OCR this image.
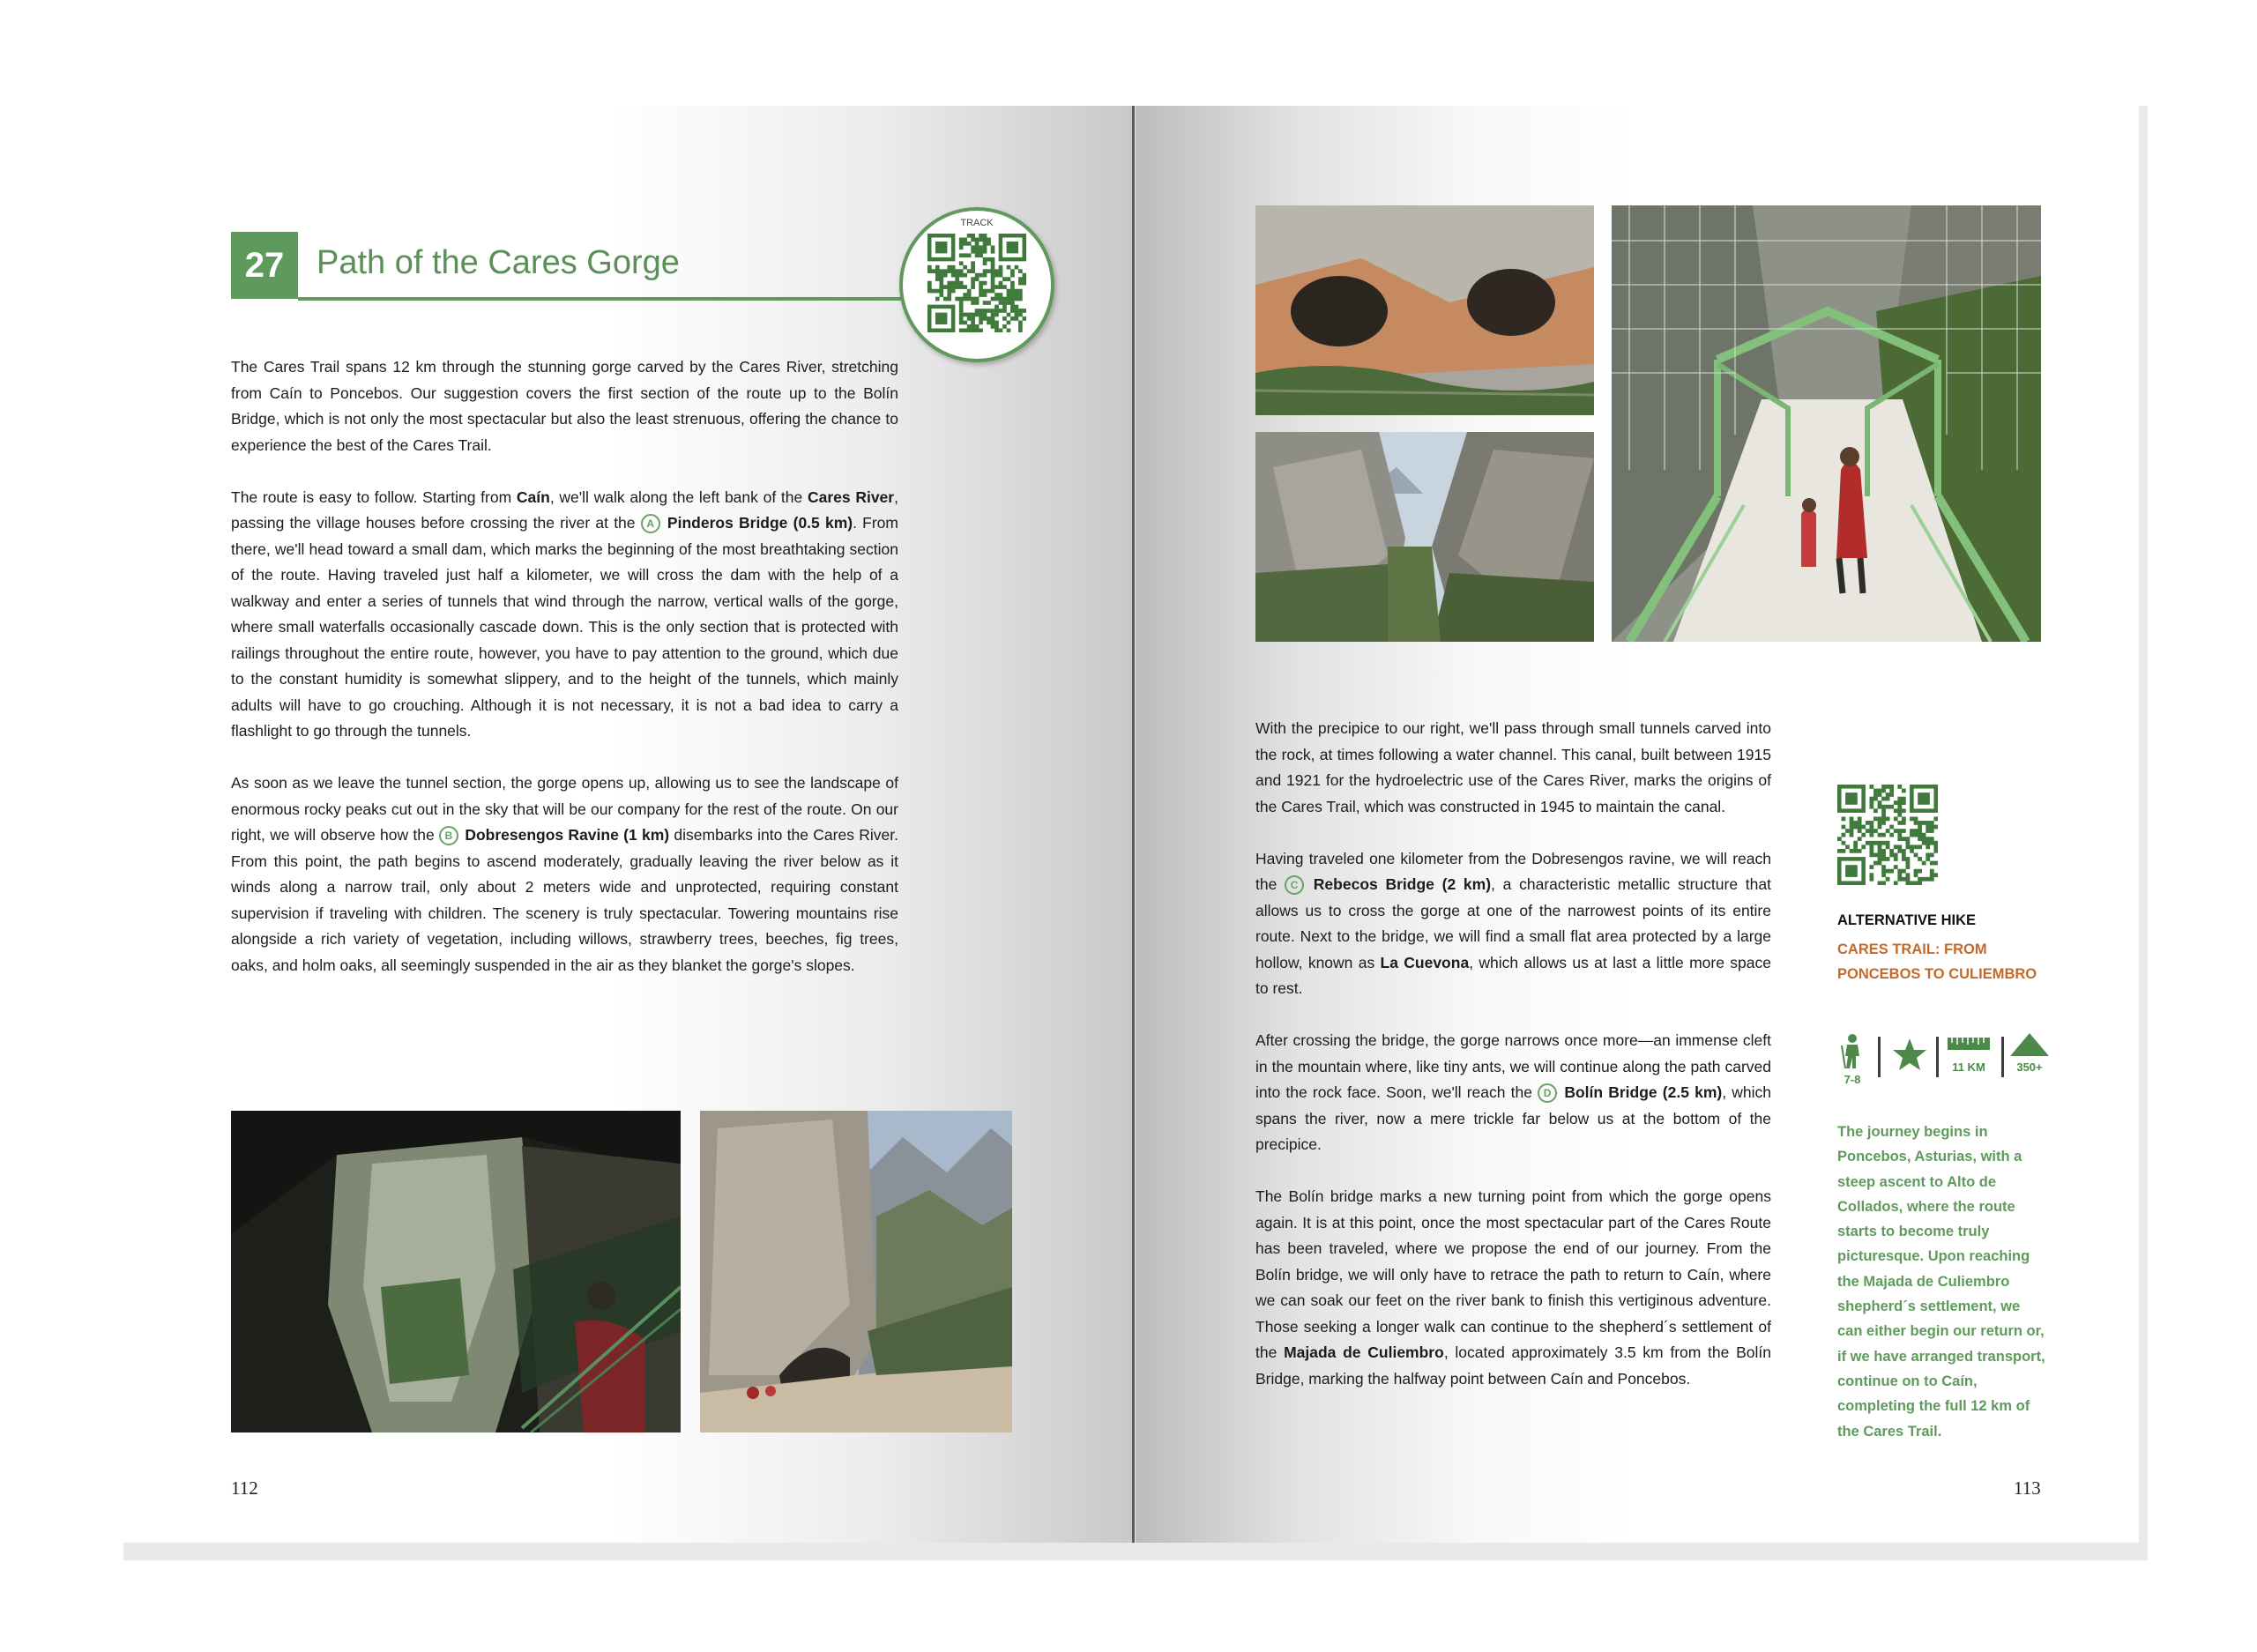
27 Path of the Cares Gorge
TRACK

The Cares Trail spans 12 km through the stunning gorge carved by the Cares River, stretching from Caín to Poncebos. Our suggestion covers the first section of the route up to the Bolín Bridge, which is not only the most spectacular but also the least strenuous, offering the chance to experience the best of the Cares Trail.

The route is easy to follow. Starting from Caín, we'll walk along the left bank of the Cares River, passing the village houses before crossing the river at the A Pinderos Bridge (0.5 km). From there, we'll head toward a small dam, which marks the beginning of the most breathtaking section of the route. Having traveled just half a kilometer, we will cross the dam with the help of a walkway and enter a series of tunnels that wind through the narrow, vertical walls of the gorge, where small waterfalls occasionally cascade down. This is the only section that is protected with railings throughout the entire route, however, you have to pay attention to the ground, which due to the constant humidity is somewhat slippery, and to the height of the tunnels, which mainly adults will have to go crouching. Although it is not necessary, it is not a bad idea to carry a flashlight to go through the tunnels.

As soon as we leave the tunnel section, the gorge opens up, allowing us to see the landscape of enormous rocky peaks cut out in the sky that will be our company for the rest of the route. On our right, we will observe how the B Dobresengos Ravine (1 km) disembarks into the Cares River. From this point, the path begins to ascend moderately, gradually leaving the river below as it winds along a narrow trail, only about 2 meters wide and unprotected, requiring constant supervision if traveling with children. The scenery is truly spectacular. Towering mountains rise alongside a rich variety of vegetation, including willows, strawberry trees, beeches, fig trees, oaks, and holm oaks, all seemingly suspended in the air as they blanket the gorge's slopes.

112

With the precipice to our right, we'll pass through small tunnels carved into the rock, at times following a water channel. This canal, built between 1915 and 1921 for the hydroelectric use of the Cares River, marks the origins of the Cares Trail, which was constructed in 1945 to maintain the canal.

Having traveled one kilometer from the Dobresengos ravine, we will reach the C Rebecos Bridge (2 km), a characteristic metallic structure that allows us to cross the gorge at one of the narrowest points of its entire route. Next to the bridge, we will find a small flat area protected by a large hollow, known as La Cuevona, which allows us at last a little more space to rest.

After crossing the bridge, the gorge narrows once more—an immense cleft in the mountain where, like tiny ants, we will continue along the path carved into the rock face. Soon, we'll reach the D Bolín Bridge (2.5 km), which spans the river, now a mere trickle far below us at the bottom of the precipice.

The Bolín bridge marks a new turning point from which the gorge opens again. It is at this point, once the most spectacular part of the Cares Route has been traveled, where we propose the end of our journey. From the Bolín bridge, we will only have to retrace the path to return to Caín, where we can soak our feet on the river bank to finish this vertiginous adventure. Those seeking a longer walk can continue to the shepherd´s settlement of the Majada de Culiembro, located approximately 3.5 km from the Bolín Bridge, marking the halfway point between Caín and Poncebos.

ALTERNATIVE HIKE
CARES TRAIL: FROM PONCEBOS TO CULIEMBRO
7-8
11 KM	350+
The journey begins in Poncebos, Asturias, with a steep ascent to Alto de Collados, where the route starts to become truly picturesque. Upon reaching the Majada de Culiembro shepherd´s settlement, we can either begin our return or, if we have arranged transport, continue on to Caín, completing the full 12 km of the Cares Trail.
113
